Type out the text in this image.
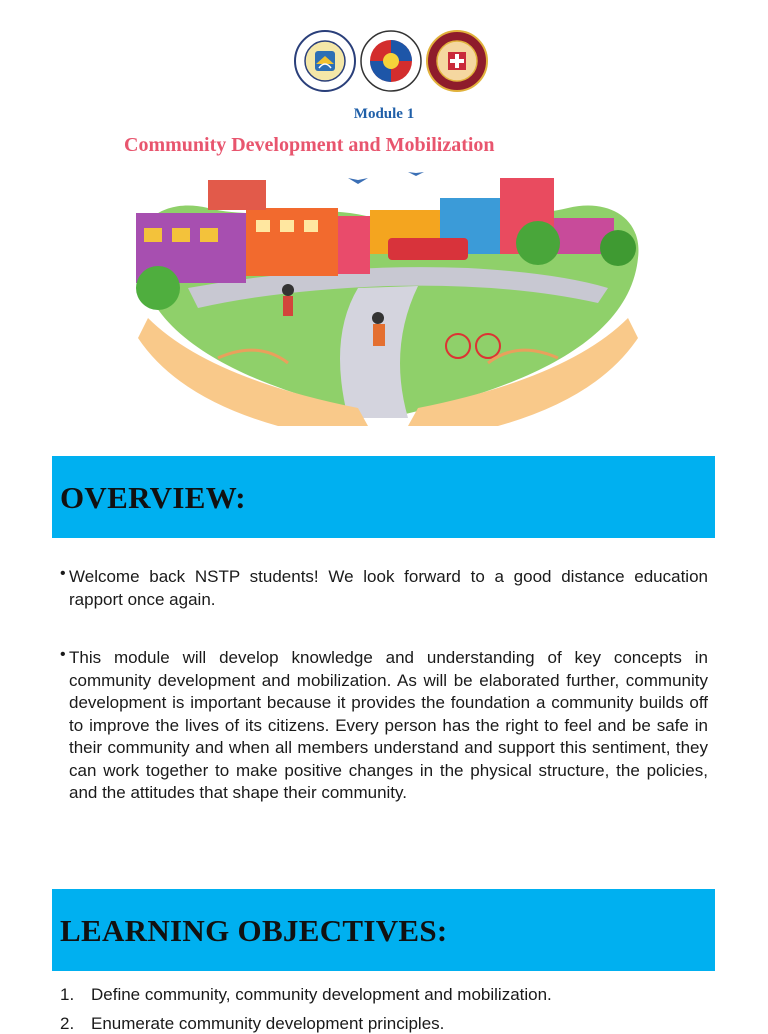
Module 1
Community Development and Mobilization
OVERVIEW:
• Welcome back NSTP students! We look forward to a good distance education rapport once again.
• This module will develop knowledge and understanding of key concepts in community development and mobilization. As will be elaborated further, community development is important because it provides the foundation a community builds off to improve the lives of its citizens. Every person has the right to feel and be safe in their community and when all members understand and support this sentiment, they can work together to make positive changes in the physical structure, the policies, and the attitudes that shape their community.
LEARNING OBJECTIVES:
1. Define community, community development and mobilization.
2. Enumerate community development principles.
